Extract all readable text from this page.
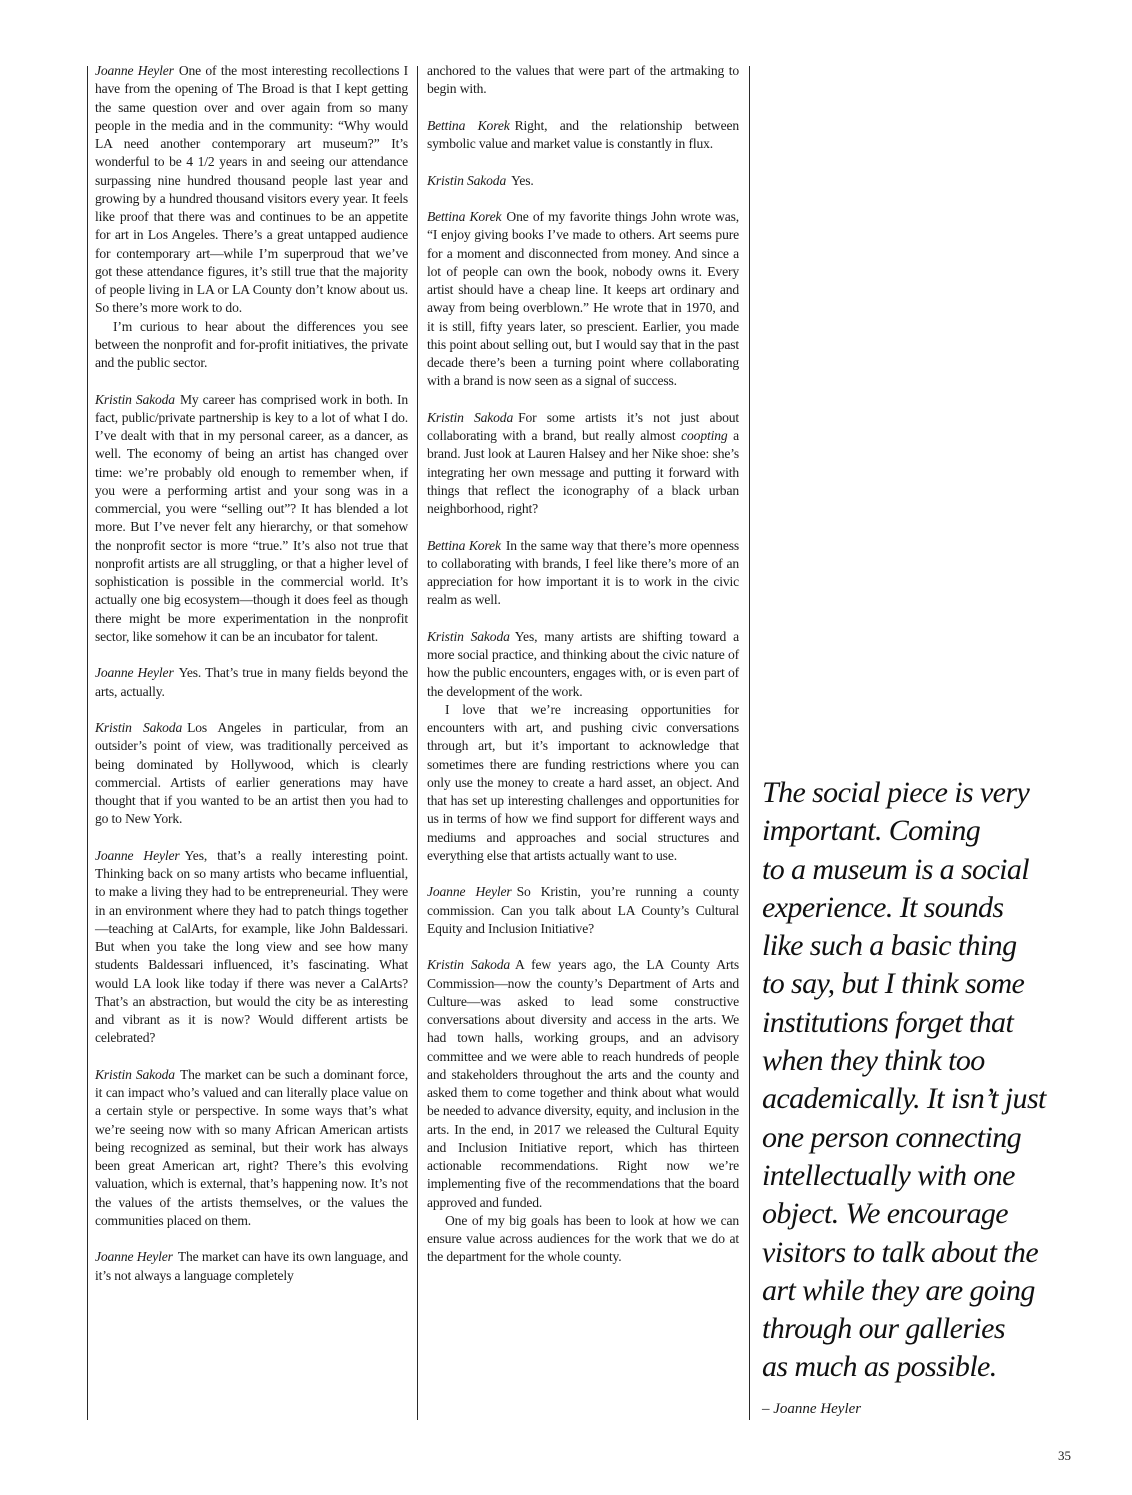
Joanne Heyler One of the most interesting recollections I have from the opening of The Broad is that I kept getting the same question over and over again from so many people in the media and in the community: “Why would LA need another contemporary art museum?” It’s wonderful to be 4 1/2 years in and seeing our attendance surpassing nine hundred thousand people last year and growing by a hundred thousand visitors every year. It feels like proof that there was and continues to be an appetite for art in Los Angeles. There’s a great untapped audience for contemporary art—while I’m superproud that we’ve got these attendance figures, it’s still true that the majority of people living in LA or LA County don’t know about us. So there’s more work to do.
I’m curious to hear about the differences you see between the nonprofit and for-profit initiatives, the private and the public sector.

Kristin Sakoda My career has comprised work in both. In fact, public/private partnership is key to a lot of what I do. I’ve dealt with that in my personal career, as a dancer, as well. The economy of being an artist has changed over time: we’re probably old enough to remember when, if you were a performing artist and your song was in a commercial, you were “selling out”? It has blended a lot more. But I’ve never felt any hierarchy, or that somehow the nonprofit sector is more “true.” It’s also not true that nonprofit artists are all struggling, or that a higher level of sophistication is possible in the commercial world. It’s actually one big ecosystem—though it does feel as though there might be more experimentation in the nonprofit sector, like somehow it can be an incubator for talent.

Joanne Heyler Yes. That’s true in many fields beyond the arts, actually.

Kristin Sakoda Los Angeles in particular, from an outsider’s point of view, was traditionally perceived as being dominated by Hollywood, which is clearly commercial. Artists of earlier generations may have thought that if you wanted to be an artist then you had to go to New York.

Joanne Heyler Yes, that’s a really interesting point. Thinking back on so many artists who became influential, to make a living they had to be entrepreneurial. They were in an environment where they had to patch things together—teaching at CalArts, for example, like John Baldessari. But when you take the long view and see how many students Baldessari influenced, it’s fascinating. What would LA look like today if there was never a CalArts? That’s an abstraction, but would the city be as interesting and vibrant as it is now? Would different artists be celebrated?

Kristin Sakoda The market can be such a dominant force, it can impact who’s valued and can literally place value on a certain style or perspective. In some ways that’s what we’re seeing now with so many African American artists being recognized as seminal, but their work has always been great American art, right? There’s this evolving valuation, which is external, that’s happening now. It’s not the values of the artists themselves, or the values the communities placed on them.

Joanne Heyler The market can have its own language, and it’s not always a language completely

anchored to the values that were part of the artmaking to begin with.

Bettina Korek Right, and the relationship between symbolic value and market value is constantly in flux.

Kristin Sakoda Yes.

Bettina Korek One of my favorite things John wrote was, “I enjoy giving books I’ve made to others. Art seems pure for a moment and disconnected from money. And since a lot of people can own the book, nobody owns it. Every artist should have a cheap line. It keeps art ordinary and away from being overblown.” He wrote that in 1970, and it is still, fifty years later, so prescient. Earlier, you made this point about selling out, but I would say that in the past decade there’s been a turning point where collaborating with a brand is now seen as a signal of success.

Kristin Sakoda For some artists it’s not just about collaborating with a brand, but really almost coopting a brand. Just look at Lauren Halsey and her Nike shoe: she’s integrating her own message and putting it forward with things that reflect the iconography of a black urban neighborhood, right?

Bettina Korek In the same way that there’s more openness to collaborating with brands, I feel like there’s more of an appreciation for how important it is to work in the civic realm as well.

Kristin Sakoda Yes, many artists are shifting toward a more social practice, and thinking about the civic nature of how the public encounters, engages with, or is even part of the development of the work.
I love that we’re increasing opportunities for encounters with art, and pushing civic conversations through art, but it’s important to acknowledge that sometimes there are funding restrictions where you can only use the money to create a hard asset, an object. And that has set up interesting challenges and opportunities for us in terms of how we find support for different ways and mediums and approaches and social structures and everything else that artists actually want to use.

Joanne Heyler So Kristin, you’re running a county commission. Can you talk about LA County’s Cultural Equity and Inclusion Initiative?

Kristin Sakoda A few years ago, the LA County Arts Commission—now the county’s Department of Arts and Culture—was asked to lead some constructive conversations about diversity and access in the arts. We had town halls, working groups, and an advisory committee and we were able to reach hundreds of people and stakeholders throughout the arts and the county and asked them to come together and think about what would be needed to advance diversity, equity, and inclusion in the arts. In the end, in 2017 we released the Cultural Equity and Inclusion Initiative report, which has thirteen actionable recommendations. Right now we’re implementing five of the recommendations that the board approved and funded.
One of my big goals has been to look at how we can ensure value across audiences for the work that we do at the department for the whole county.

The social piece is very
important. Coming
to a museum is a social
experience. It sounds
like such a basic thing
to say, but I think some
institutions forget that
when they think too
academically. It isn’t just
one person connecting
intellectually with one
object. We encourage
visitors to talk about the
art while they are going
through our galleries
as much as possible.
– Joanne Heyler
35
